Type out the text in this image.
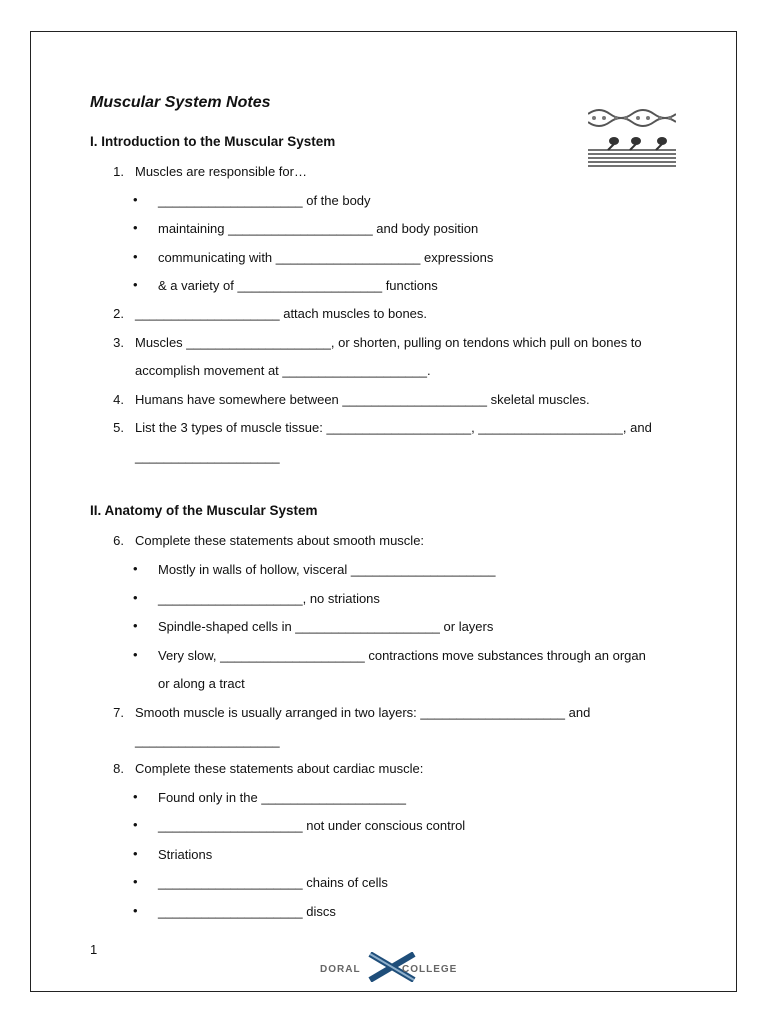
Muscular System Notes
I. Introduction to the Muscular System
1. Muscles are responsible for…
• ____________________ of the body
• maintaining ____________________ and body position
• communicating with ____________________ expressions
• & a variety of ____________________ functions
2. ____________________ attach muscles to bones.
3. Muscles ____________________, or shorten, pulling on tendons which pull on bones to
accomplish movement at ____________________.
4. Humans have somewhere between ____________________ skeletal muscles.
5. List the 3 types of muscle tissue: ____________________, ____________________, and
____________________
II. Anatomy of the Muscular System
6. Complete these statements about smooth muscle:
• Mostly in walls of hollow, visceral ____________________
• ____________________, no striations
• Spindle-shaped cells in ____________________ or layers
• Very slow, ____________________ contractions move substances through an organ
or along a tract
7. Smooth muscle is usually arranged in two layers: ____________________ and
____________________
8. Complete these statements about cardiac muscle:
• Found only in the ____________________
• ____________________ not under conscious control
• Striations
• ____________________ chains of cells
• ____________________ discs
1
DORAL	COLLEGE
